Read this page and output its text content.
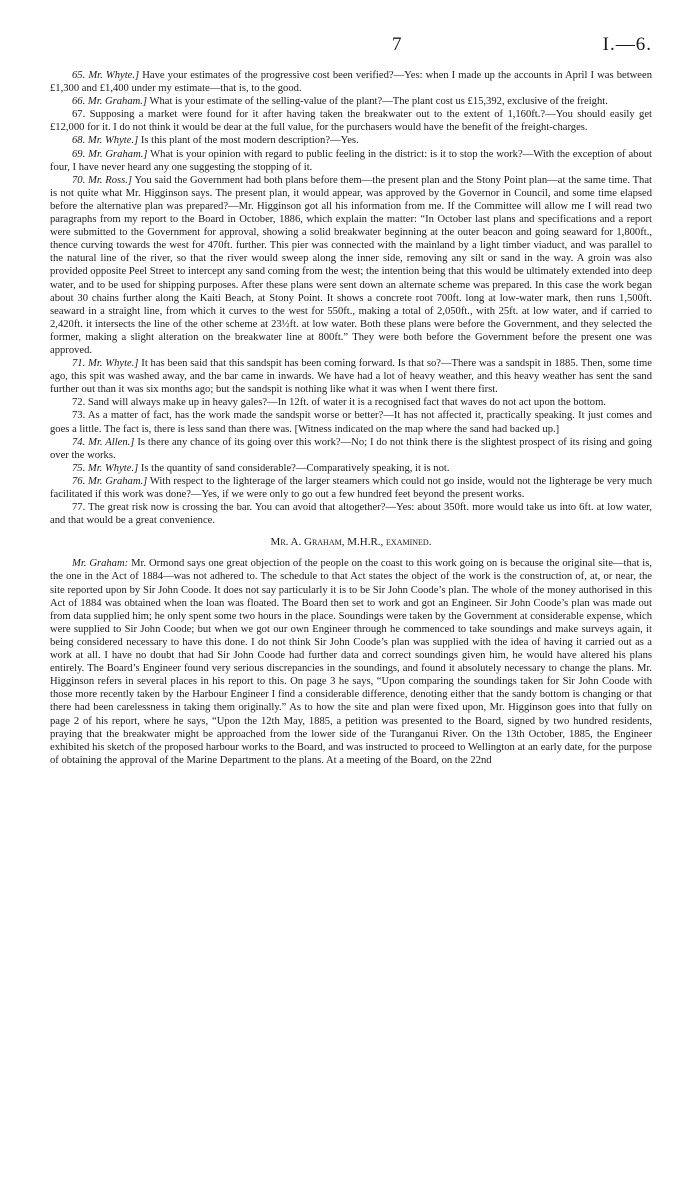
7	I.—6.

65. Mr. Whyte.] Have your estimates of the progressive cost been verified?—Yes: when I made up the accounts in April I was between £1,300 and £1,400 under my estimate—that is, to the good.

66. Mr. Graham.] What is your estimate of the selling-value of the plant?—The plant cost us £15,392, exclusive of the freight.

67. Supposing a market were found for it after having taken the breakwater out to the extent of 1,160ft.?—You should easily get £12,000 for it. I do not think it would be dear at the full value, for the purchasers would have the benefit of the freight-charges.

68. Mr. Whyte.] Is this plant of the most modern description?—Yes.

69. Mr. Graham.] What is your opinion with regard to public feeling in the district: is it to stop the work?—With the exception of about four, I have never heard any one suggesting the stopping of it.

70. Mr. Ross.] You said the Government had both plans before them—the present plan and the Stony Point plan—at the same time. That is not quite what Mr. Higginson says. The present plan, it would appear, was approved by the Governor in Council, and some time elapsed before the alternative plan was prepared?—Mr. Higginson got all his information from me. If the Committee will allow me I will read two paragraphs from my report to the Board in October, 1886, which explain the matter: “In October last plans and specifications and a report were submitted to the Government for approval, showing a solid breakwater beginning at the outer beacon and going seaward for 1,800ft., thence curving towards the west for 470ft. further. This pier was connected with the mainland by a light timber viaduct, and was parallel to the natural line of the river, so that the river would sweep along the inner side, removing any silt or sand in the way. A groin was also provided opposite Peel Street to intercept any sand coming from the west; the intention being that this would be ultimately extended into deep water, and to be used for shipping purposes. After these plans were sent down an alternate scheme was prepared. In this case the work began about 30 chains further along the Kaiti Beach, at Stony Point. It shows a concrete root 700ft. long at low-water mark, then runs 1,500ft. seaward in a straight line, from which it curves to the west for 550ft., making a total of 2,050ft., with 25ft. at low water, and if carried to 2,420ft. it intersects the line of the other scheme at 23½ft. at low water. Both these plans were before the Government, and they selected the former, making a slight alteration on the breakwater line at 800ft.” They were both before the Government before the present one was approved.

71. Mr. Whyte.] It has been said that this sandspit has been coming forward. Is that so?—There was a sandspit in 1885. Then, some time ago, this spit was washed away, and the bar came in inwards. We have had a lot of heavy weather, and this heavy weather has sent the sand further out than it was six months ago; but the sandspit is nothing like what it was when I went there first.

72. Sand will always make up in heavy gales?—In 12ft. of water it is a recognised fact that waves do not act upon the bottom.

73. As a matter of fact, has the work made the sandspit worse or better?—It has not affected it, practically speaking. It just comes and goes a little. The fact is, there is less sand than there was. [Witness indicated on the map where the sand had backed up.]

74. Mr. Allen.] Is there any chance of its going over this work?—No; I do not think there is the slightest prospect of its rising and going over the works.

75. Mr. Whyte.] Is the quantity of sand considerable?—Comparatively speaking, it is not.

76. Mr. Graham.] With respect to the lighterage of the larger steamers which could not go inside, would not the lighterage be very much facilitated if this work was done?—Yes, if we were only to go out a few hundred feet beyond the present works.

77. The great risk now is crossing the bar. You can avoid that altogether?—Yes: about 350ft. more would take us into 6ft. at low water, and that would be a great convenience.

Mr. A. Graham, M.H.R., examined.

Mr. Graham: Mr. Ormond says one great objection of the people on the coast to this work going on is because the original site—that is, the one in the Act of 1884—was not adhered to. The schedule to that Act states the object of the work is the construction of, at, or near, the site reported upon by Sir John Coode. It does not say particularly it is to be Sir John Coode’s plan. The whole of the money authorised in this Act of 1884 was obtained when the loan was floated. The Board then set to work and got an Engineer. Sir John Coode’s plan was made out from data supplied him; he only spent some two hours in the place. Soundings were taken by the Government at considerable expense, which were supplied to Sir John Coode; but when we got our own Engineer through he commenced to take soundings and make surveys again, it being considered necessary to have this done. I do not think Sir John Coode’s plan was supplied with the idea of having it carried out as a work at all. I have no doubt that had Sir John Coode had further data and correct soundings given him, he would have altered his plans entirely. The Board’s Engineer found very serious discrepancies in the soundings, and found it absolutely necessary to change the plans. Mr. Higginson refers in several places in his report to this. On page 3 he says, “Upon comparing the soundings taken for Sir John Coode with those more recently taken by the Harbour Engineer I find a considerable difference, denoting either that the sandy bottom is changing or that there had been carelessness in taking them originally.” As to how the site and plan were fixed upon, Mr. Higginson goes into that fully on page 2 of his report, where he says, “Upon the 12th May, 1885, a petition was presented to the Board, signed by two hundred residents, praying that the breakwater might be approached from the lower side of the Turanganui River. On the 13th October, 1885, the Engineer exhibited his sketch of the proposed harbour works to the Board, and was instructed to proceed to Wellington at an early date, for the purpose of obtaining the approval of the Marine Department to the plans. At a meeting of the Board, on the 22nd
